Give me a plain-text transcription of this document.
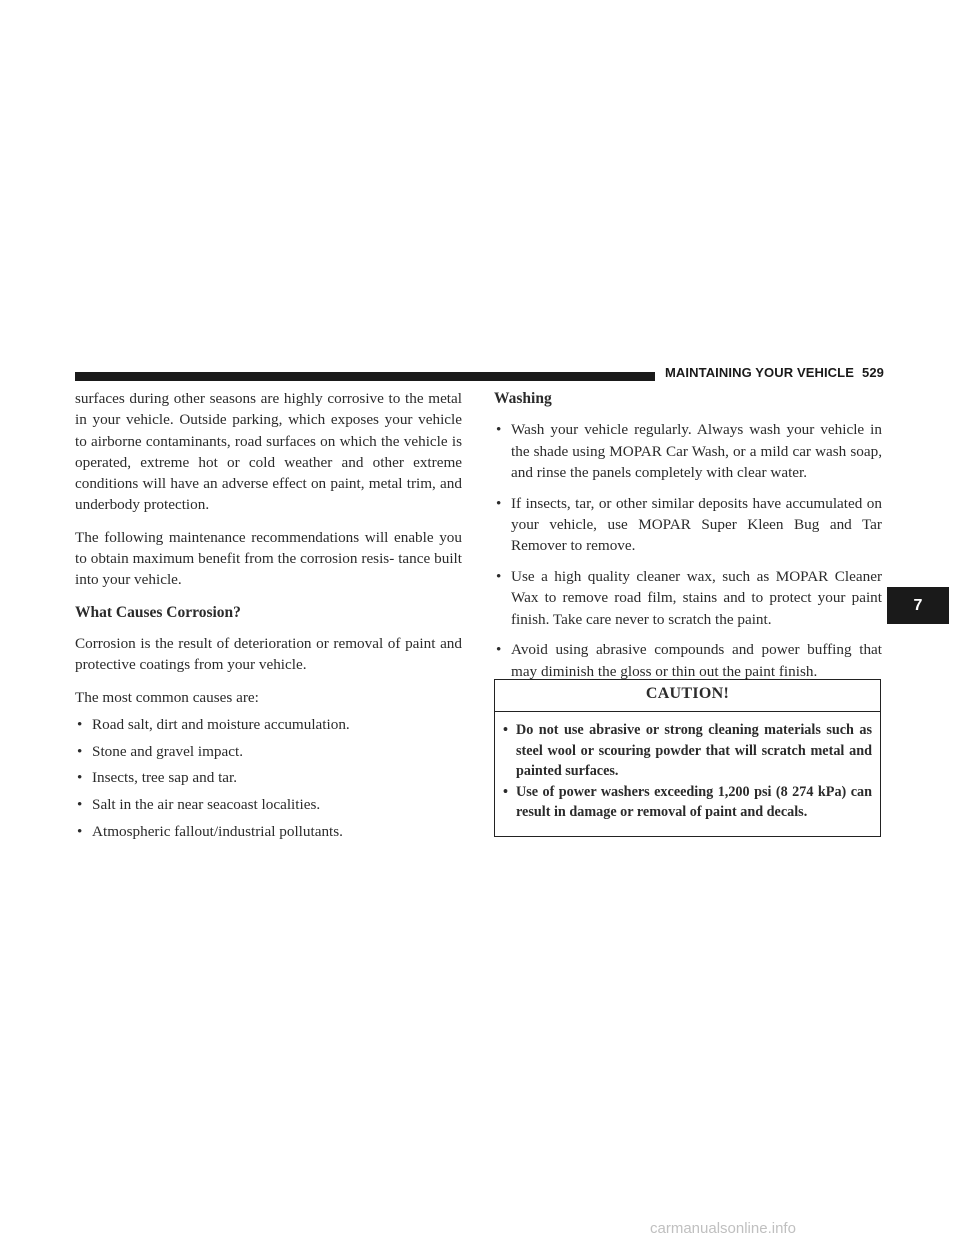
MAINTAINING YOUR VEHICLE 529

surfaces during other seasons are highly corrosive to the metal in your vehicle. Outside parking, which exposes your vehicle to airborne contaminants, road surfaces on which the vehicle is operated, extreme hot or cold weather and other extreme conditions will have an adverse effect on paint, metal trim, and underbody protection.

The following maintenance recommendations will enable you to obtain maximum benefit from the corrosion resis- tance built into your vehicle.

What Causes Corrosion?

Corrosion is the result of deterioration or removal of paint and protective coatings from your vehicle.

The most common causes are:

• Road salt, dirt and moisture accumulation.
• Stone and gravel impact.
• Insects, tree sap and tar.
• Salt in the air near seacoast localities.
• Atmospheric fallout/industrial pollutants.
Washing
• Wash your vehicle regularly. Always wash your vehicle in the shade using MOPAR Car Wash, or a mild car wash soap, and rinse the panels completely with clear water.
• If insects, tar, or other similar deposits have accumulated on your vehicle, use MOPAR Super Kleen Bug and Tar Remover to remove.
• Use a high quality cleaner wax, such as MOPAR Cleaner Wax to remove road film, stains and to protect your paint finish. Take care never to scratch the paint.
• Avoid using abrasive compounds and power buffing that may diminish the gloss or thin out the paint finish.
CAUTION!
• Do not use abrasive or strong cleaning materials such as steel wool or scouring powder that will scratch metal and painted surfaces.
• Use of power washers exceeding 1,200 psi (8 274 kPa) can result in damage or removal of paint and decals.
7
carmanualsonline.info
